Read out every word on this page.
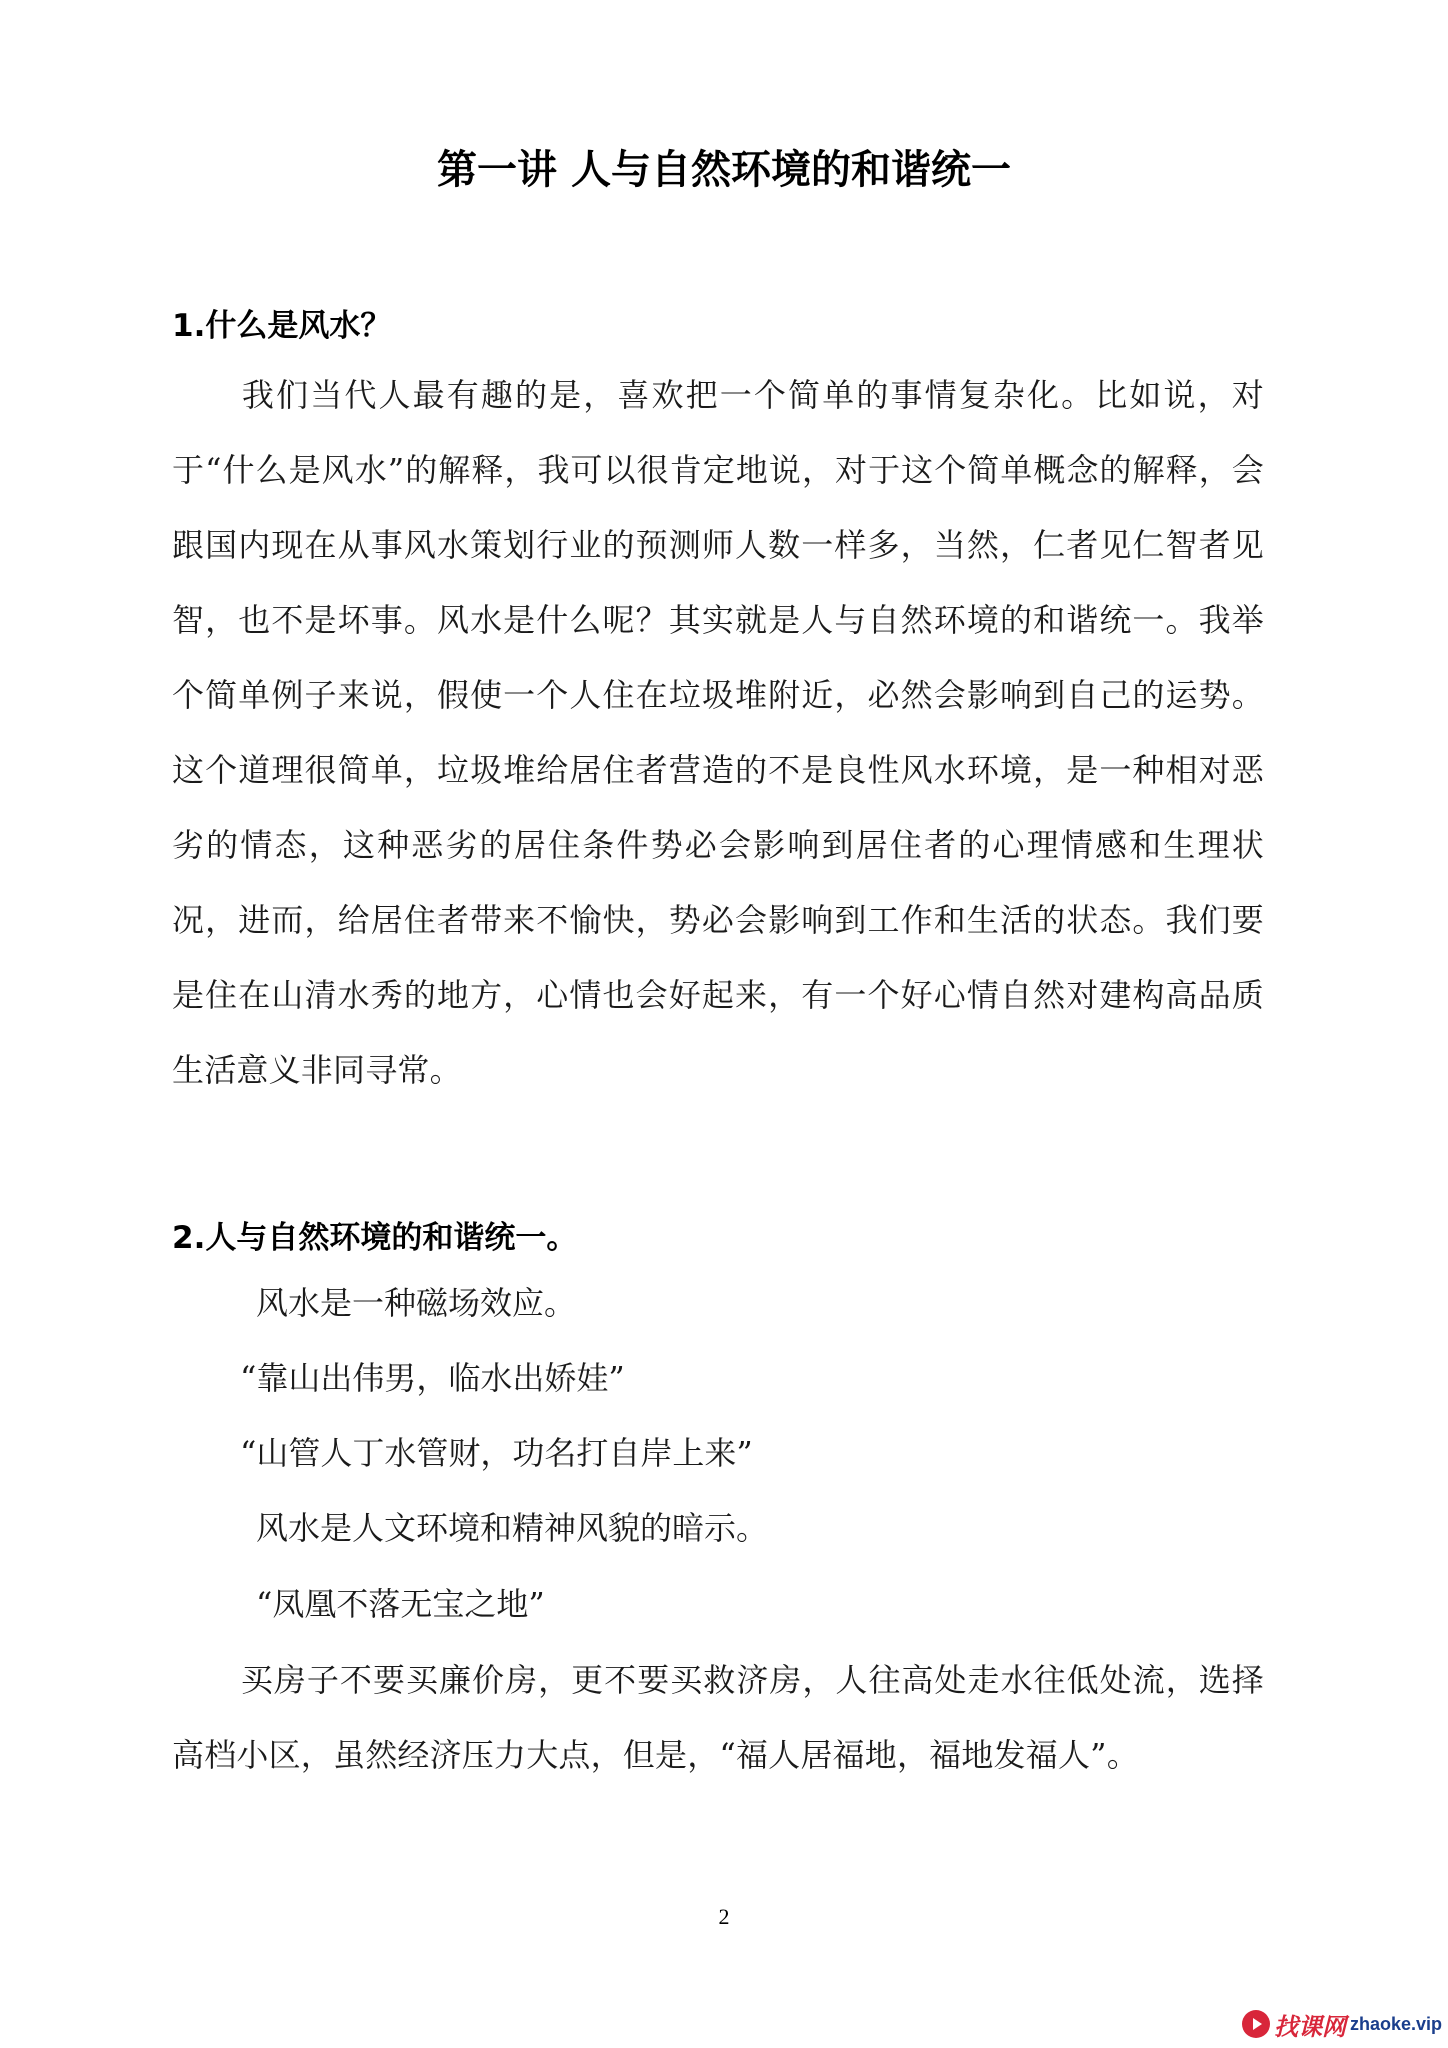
第一讲 人与自然环境的和谐统一
1.什么是风水？

我们当代人最有趣的是，喜欢把一个简单的事情复杂化。比如说，对于“什么是风水”的解释，我可以很肯定地说，对于这个简单概念的解释，会跟国内现在从事风水策划行业的预测师人数一样多，当然，仁者见仁智者见智，也不是坏事。风水是什么呢？其实就是人与自然环境的和谐统一。我举个简单例子来说，假使一个人住在垃圾堆附近，必然会影响到自己的运势。这个道理很简单，垃圾堆给居住者营造的不是良性风水环境，是一种相对恶劣的情态，这种恶劣的居住条件势必会影响到居住者的心理情感和生理状况，进而，给居住者带来不愉快，势必会影响到工作和生活的状态。我们要是住在山清水秀的地方，心情也会好起来，有一个好心情自然对建构高品质生活意义非同寻常。

2.人与自然环境的和谐统一。

风水是一种磁场效应。

“靠山出伟男，临水出娇娃”

“山管人丁水管财，功名打自岸上来”

风水是人文环境和精神风貌的暗示。

“凤凰不落无宝之地”

买房子不要买廉价房，更不要买救济房，人往高处走水往低处流，选择高档小区，虽然经济压力大点，但是，“福人居福地，福地发福人”。

2
找课网 zhaoke.vip
